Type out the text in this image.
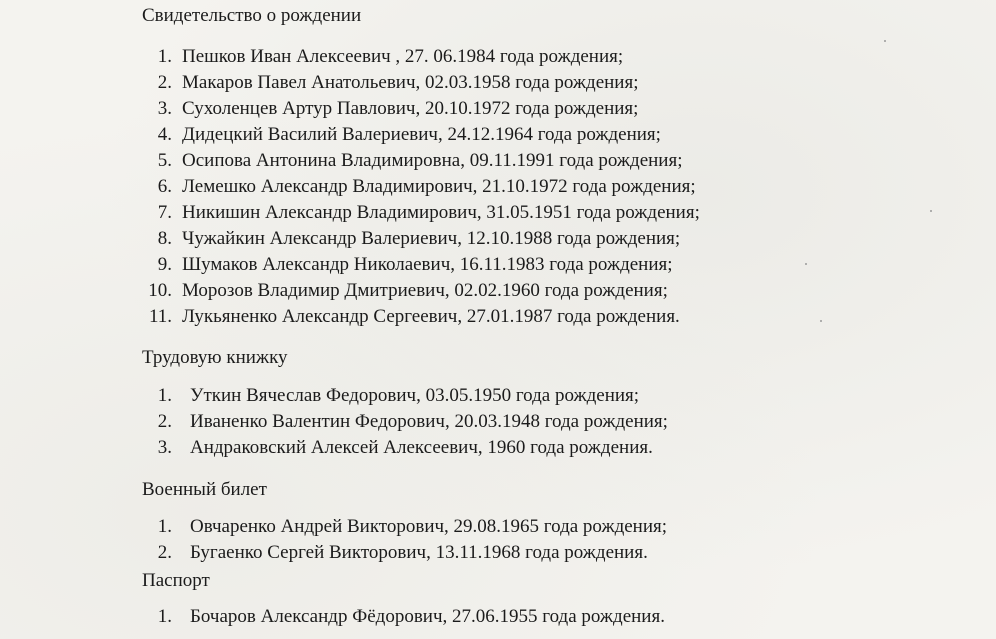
Свидетельство о рождении
1. Пешков Иван Алексеевич , 27. 06.1984 года рождения;
2. Макаров Павел Анатольевич, 02.03.1958 года рождения;
3. Сухоленцев Артур Павлович, 20.10.1972 года рождения;
4. Дидецкий Василий Валериевич, 24.12.1964 года рождения;
5. Осипова Антонина Владимировна, 09.11.1991 года рождения;
6. Лемешко Александр Владимирович, 21.10.1972 года рождения;
7. Никишин Александр Владимирович, 31.05.1951 года рождения;
8. Чужайкин Александр Валериевич, 12.10.1988 года рождения;
9. Шумаков Александр Николаевич, 16.11.1983 года рождения;
10. Морозов Владимир Дмитриевич, 02.02.1960 года рождения;
11. Лукьяненко Александр Сергеевич, 27.01.1987 года рождения.
Трудовую книжку
1. Уткин Вячеслав Федорович, 03.05.1950 года рождения;
2. Иваненко Валентин Федорович, 20.03.1948 года рождения;
3. Андраковский Алексей Алексеевич, 1960 года рождения.
Военный билет
1. Овчаренко Андрей Викторович, 29.08.1965 года рождения;
2. Бугаенко Сергей Викторович, 13.11.1968 года рождения.
Паспорт
1. Бочаров Александр Фёдорович, 27.06.1955 года рождения.
